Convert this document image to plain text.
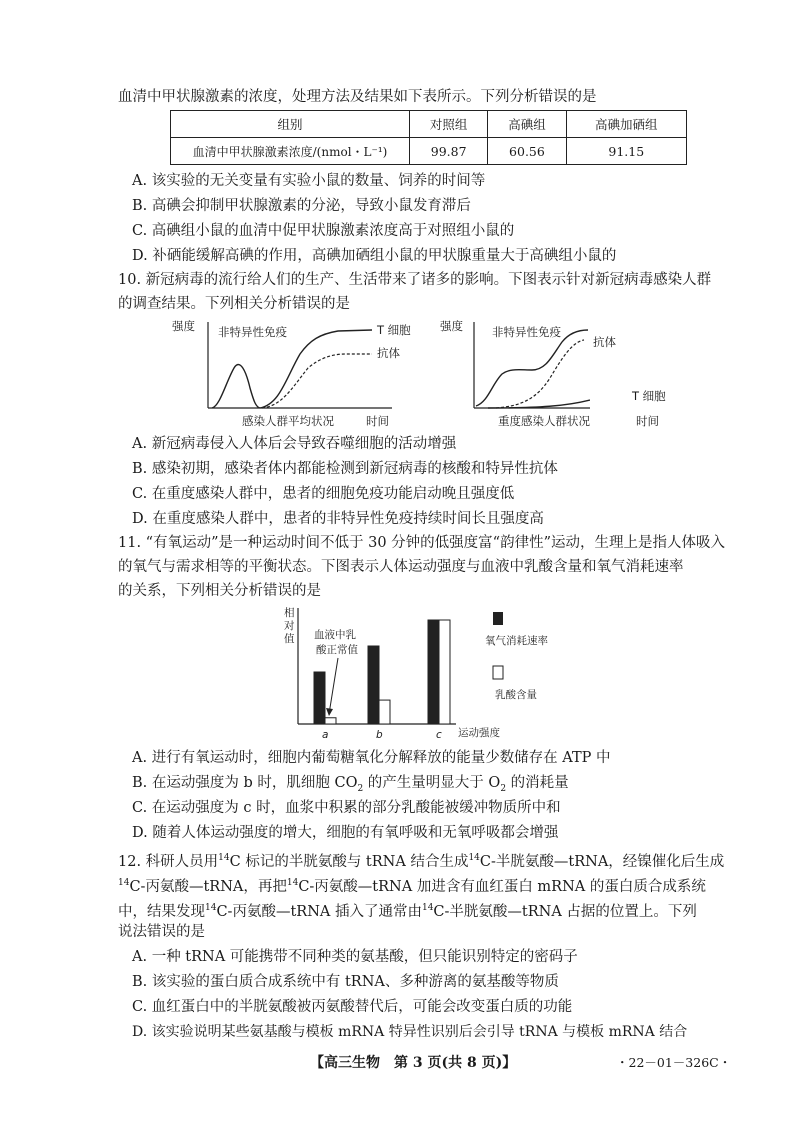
血清中甲状腺激素的浓度，处理方法及结果如下表所示。下列分析错误的是
组别	对照组	高碘组	高碘加硒组
血清中甲状腺激素浓度/(nmol・L⁻¹)	99.87	60.56	91.15
A. 该实验的无关变量有实验小鼠的数量、饲养的时间等
B. 高碘会抑制甲状腺激素的分泌，导致小鼠发育滞后
C. 高碘组小鼠的血清中促甲状腺激素浓度高于对照组小鼠的
D. 补硒能缓解高碘的作用，高碘加硒组小鼠的甲状腺重量大于高碘组小鼠的
10. 新冠病毒的流行给人们的生产、生活带来了诸多的影响。下图表示针对新冠病毒感染人群
的调查结果。下列相关分析错误的是
强度 非特异性免疫	T 细胞
抗体
感染人群平均状况	时间
强度	非特异性免疫
重度感染人群状况
抗体
T 细胞
时间
A. 新冠病毒侵入人体后会导致吞噬细胞的活动增强
B. 感染初期，感染者体内都能检测到新冠病毒的核酸和特异性抗体
C. 在重度感染人群中，患者的细胞免疫功能启动晚且强度低
D. 在重度感染人群中，患者的非特异性免疫持续时间长且强度高
11. “有氧运动”是一种运动时间不低于 30 分钟的低强度富“韵律性”运动，生理上是指人体吸入
的氧气与需求相等的平衡状态。下图表示人体运动强度与血液中乳酸含量和氧气消耗速率
的关系，下列相关分析错误的是
相
对
值
运动强度
血液中乳
酸正常值
氧气消耗速率
乳酸含量
a	b	c
A. 进行有氧运动时，细胞内葡萄糖氧化分解释放的能量少数储存在 ATP 中
B. 在运动强度为 b 时，肌细胞 $CO_2$ 的产生量明显大于 $O_2$ 的消耗量
C. 在运动强度为 c 时，血浆中积累的部分乳酸能被缓冲物质所中和
D. 随着人体运动强度的增大，细胞的有氧呼吸和无氧呼吸都会增强
12. 科研人员用$^{14}$C 标记的半胱氨酸与 tRNA 结合生成$^{14}$C-半胱氨酸—tRNA，经镍催化后生成
$^{14}$C-丙氨酸—tRNA，再把$^{14}$C-丙氨酸—tRNA 加进含有血红蛋白 mRNA 的蛋白质合成系统
中，结果发现$^{14}$C-丙氨酸—tRNA 插入了通常由$^{14}$C-半胱氨酸—tRNA 占据的位置上。下列
说法错误的是
A. 一种 tRNA 可能携带不同种类的氨基酸，但只能识别特定的密码子
B. 该实验的蛋白质合成系统中有 tRNA、多种游离的氨基酸等物质
C. 血红蛋白中的半胱氨酸被丙氨酸替代后，可能会改变蛋白质的功能
D. 该实验说明某些氨基酸与模板 mRNA 特异性识别后会引导 tRNA 与模板 mRNA 结合
【高三生物　第 3 页(共 8 页)】	・22－01－326C・
